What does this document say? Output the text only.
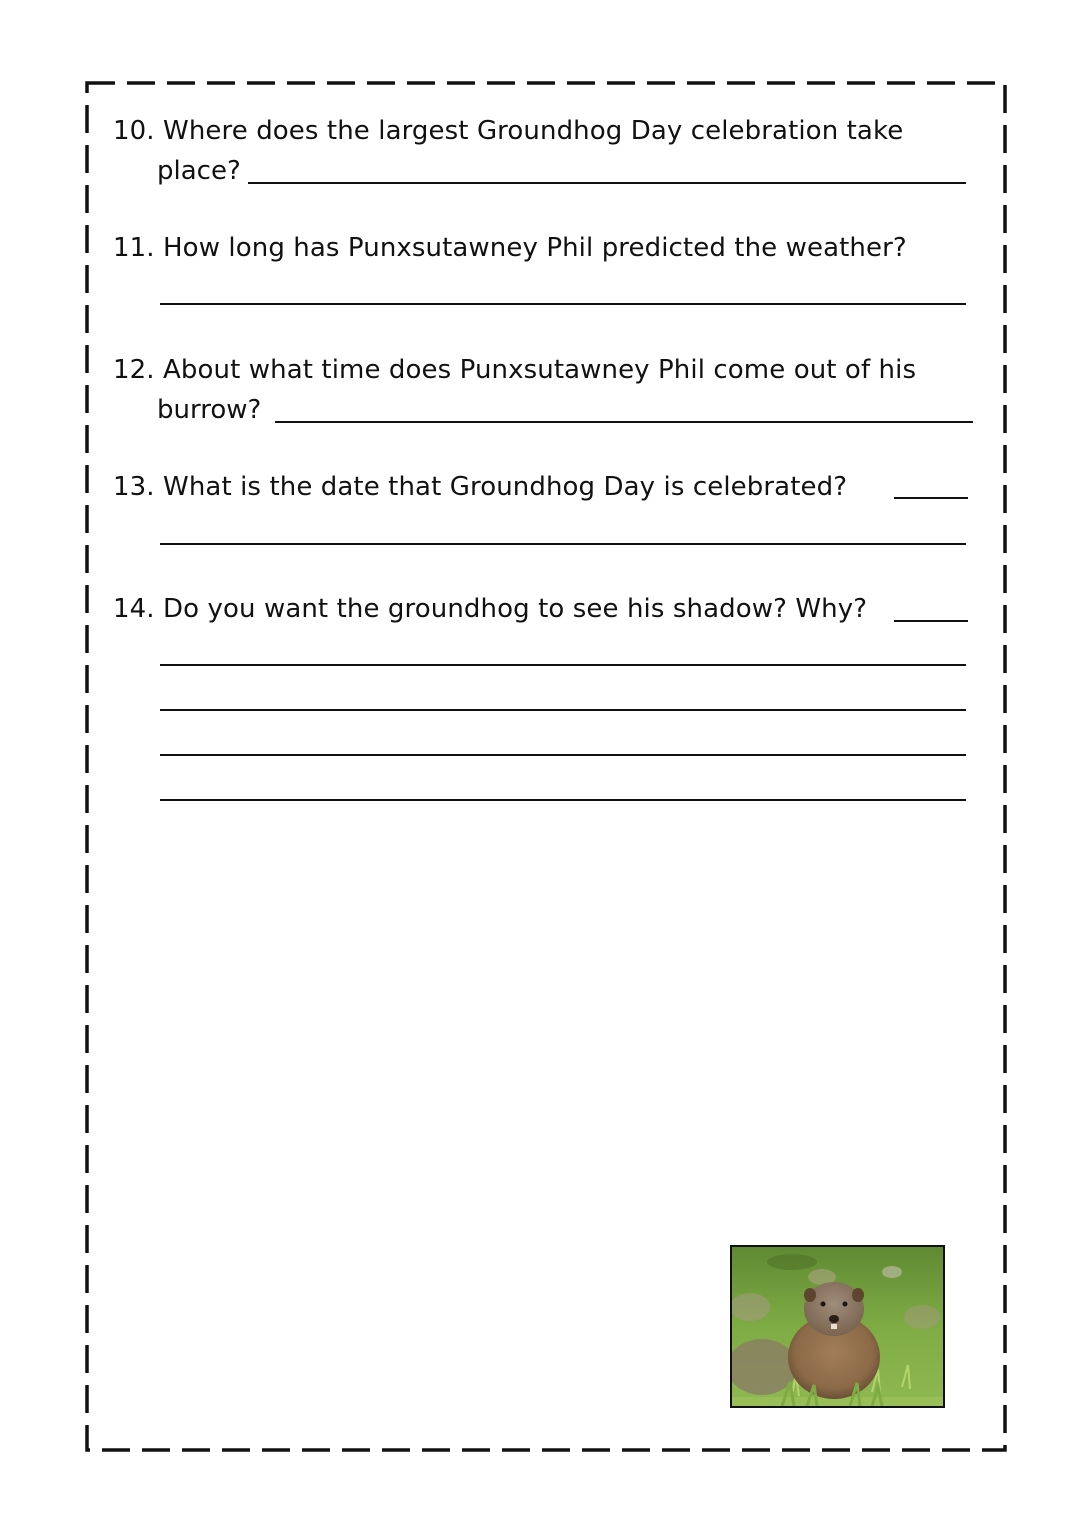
10. Where does the largest Groundhog Day celebration take
place?
11. How long has Punxsutawney Phil predicted the weather?
12. About what time does Punxsutawney Phil come out of his
burrow?
13. What is the date that Groundhog Day is celebrated?
14. Do you want the groundhog to see his shadow? Why?
